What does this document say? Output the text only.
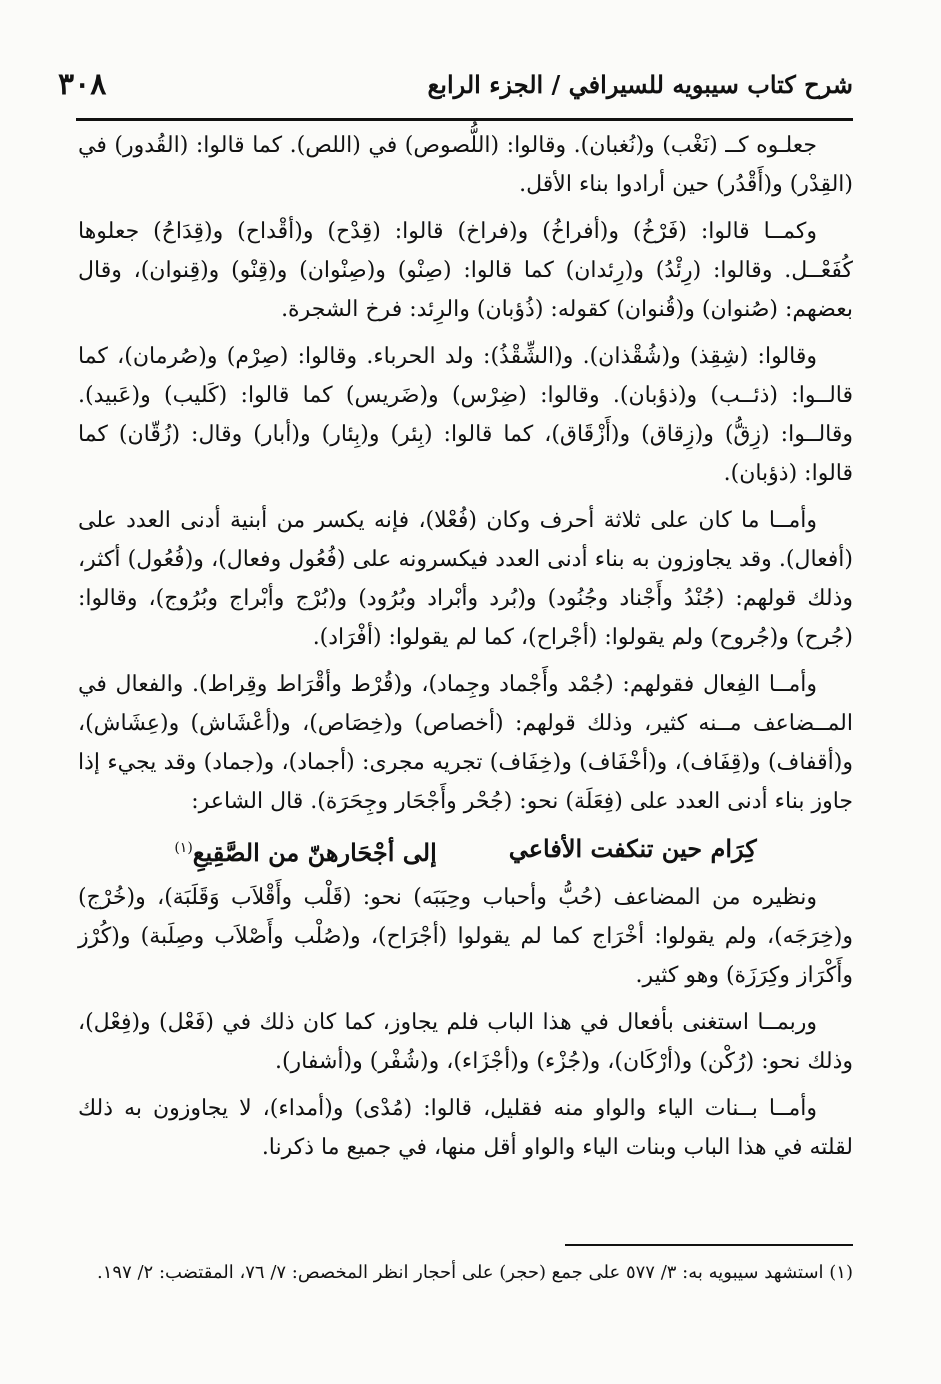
شرح كتاب سيبويه للسيرافي / الجزء الرابع
٣٠٨

جعلـوه كــ (نَغْب) و(نُغبان). وقالوا: (اللُّصوص) في (اللص). كما قالوا: (القُدور) في (القِدْر) و(أَقْدُر) حين أرادوا بناء الأقل.

وكمــا قالوا: (فَرْخُ) و(أفراخُ) و(فراخ) قالوا: (قِدْح) و(أقْداح) و(قِدَاحُ) جعلوها كُفَعْــل. وقالوا: (رِئْدُ) و(رِئدان) كما قالوا: (صِنْو) و(صِنْوان) و(قِنْو) و(قِنوان)، وقال بعضهم: (صُنوان) و(قُنوان) كقوله: (ذُؤبان) والرِئد: فرخ الشجرة.

وقالوا: (شِقِذ) و(شُقْذان). و(الشِّقْذُ): ولد الحرباء. وقالوا: (صِرْم) و(صُرمان)، كما قالــوا: (ذئــب) و(ذؤبان). وقالوا: (ضِرْس) و(ضَريس) كما قالوا: (كَليب) و(عَبيد). وقالــوا: (زِقُّ) و(زِقاق) و(أَزْقَاق)، كما قالوا: (بِئر) و(بِئار) و(أبار) وقال: (زُقّان) كما قالوا: (ذؤبان).

وأمــا ما كان على ثلاثة أحرف وكان (فُعْلا)، فإنه يكسر من أبنية أدنى العدد على (أفعال). وقد يجاوزون به بناء أدنى العدد فيكسرونه على (فُعُول وفعال)، و(فُعُول) أكثر، وذلك قولهم: (جُنْدُ وأَجْناد وجُنُود) و(بُرد وأبْراد وبُرُود) و(بُرْج وأبْراج وبُرُوج)، وقالوا: (جُرح) و(جُروح) ولم يقولوا: (أجْراح)، كما لم يقولوا: (أفْرَاد).

وأمــا الفِعال فقولهم: (جُمْد وأَجْماد وجِماد)، و(قُرْط وأقْرَاط وقِراط). والفعال في المــضاعف مــنه كثير، وذلك قولهم: (أخصاص) و(خِصَاص)، و(أعْشَاش) و(عِشَاش)، و(أقفاف) و(قِفَاف)، و(أخْفَاف) و(خِفَاف) تجريه مجرى: (أجماد)، و(جماد) وقد يجيء إذا جاوز بناء أدنى العدد على (فِعَلَة) نحو: (جُحْر وأَجْحَار وجِحَرَة). قال الشاعر:

كِرَام حين تنكفت الأفاعي
إلى أجْحَارهنّ من الصَّقِيعِ$^{(١)}$

ونظيره من المضاعف (حُبُّ وأحباب وحِبَبَه) نحو: (قَلْب وأَقْلاَب وَقَلَبَة)، و(خُرْج) و(خِرَجَه)، ولم يقولوا: أخْرَاج كما لم يقولوا (أجْرَاح)، و(صُلْب وأَصْلاَب وصِلَبة) و(كُرْز وأَكْرَاز وكِرَزَة) وهو كثير.

وربمــا استغنى بأفعال في هذا الباب فلم يجاوز، كما كان ذلك في (فَعْل) و(فِعْل)، وذلك نحو: (رُكْن) و(أرْكَان)، و(جُزْء) و(أجْزَاء)، و(شُفْر) و(أشفار).

وأمــا بــنات الياء والواو منه فقليل، قالوا: (مُدْى) و(أمداء)، لا يجاوزون به ذلك لقلته في هذا الباب وبنات الياء والواو أقل منها، في جميع ما ذكرنا.

(١) استشهد سيبويه به: ٣/ ٥٧٧ على جمع (حجر) على أحجار انظر المخصص: ٧/ ٧٦، المقتضب: ٢/ ١٩٧.
